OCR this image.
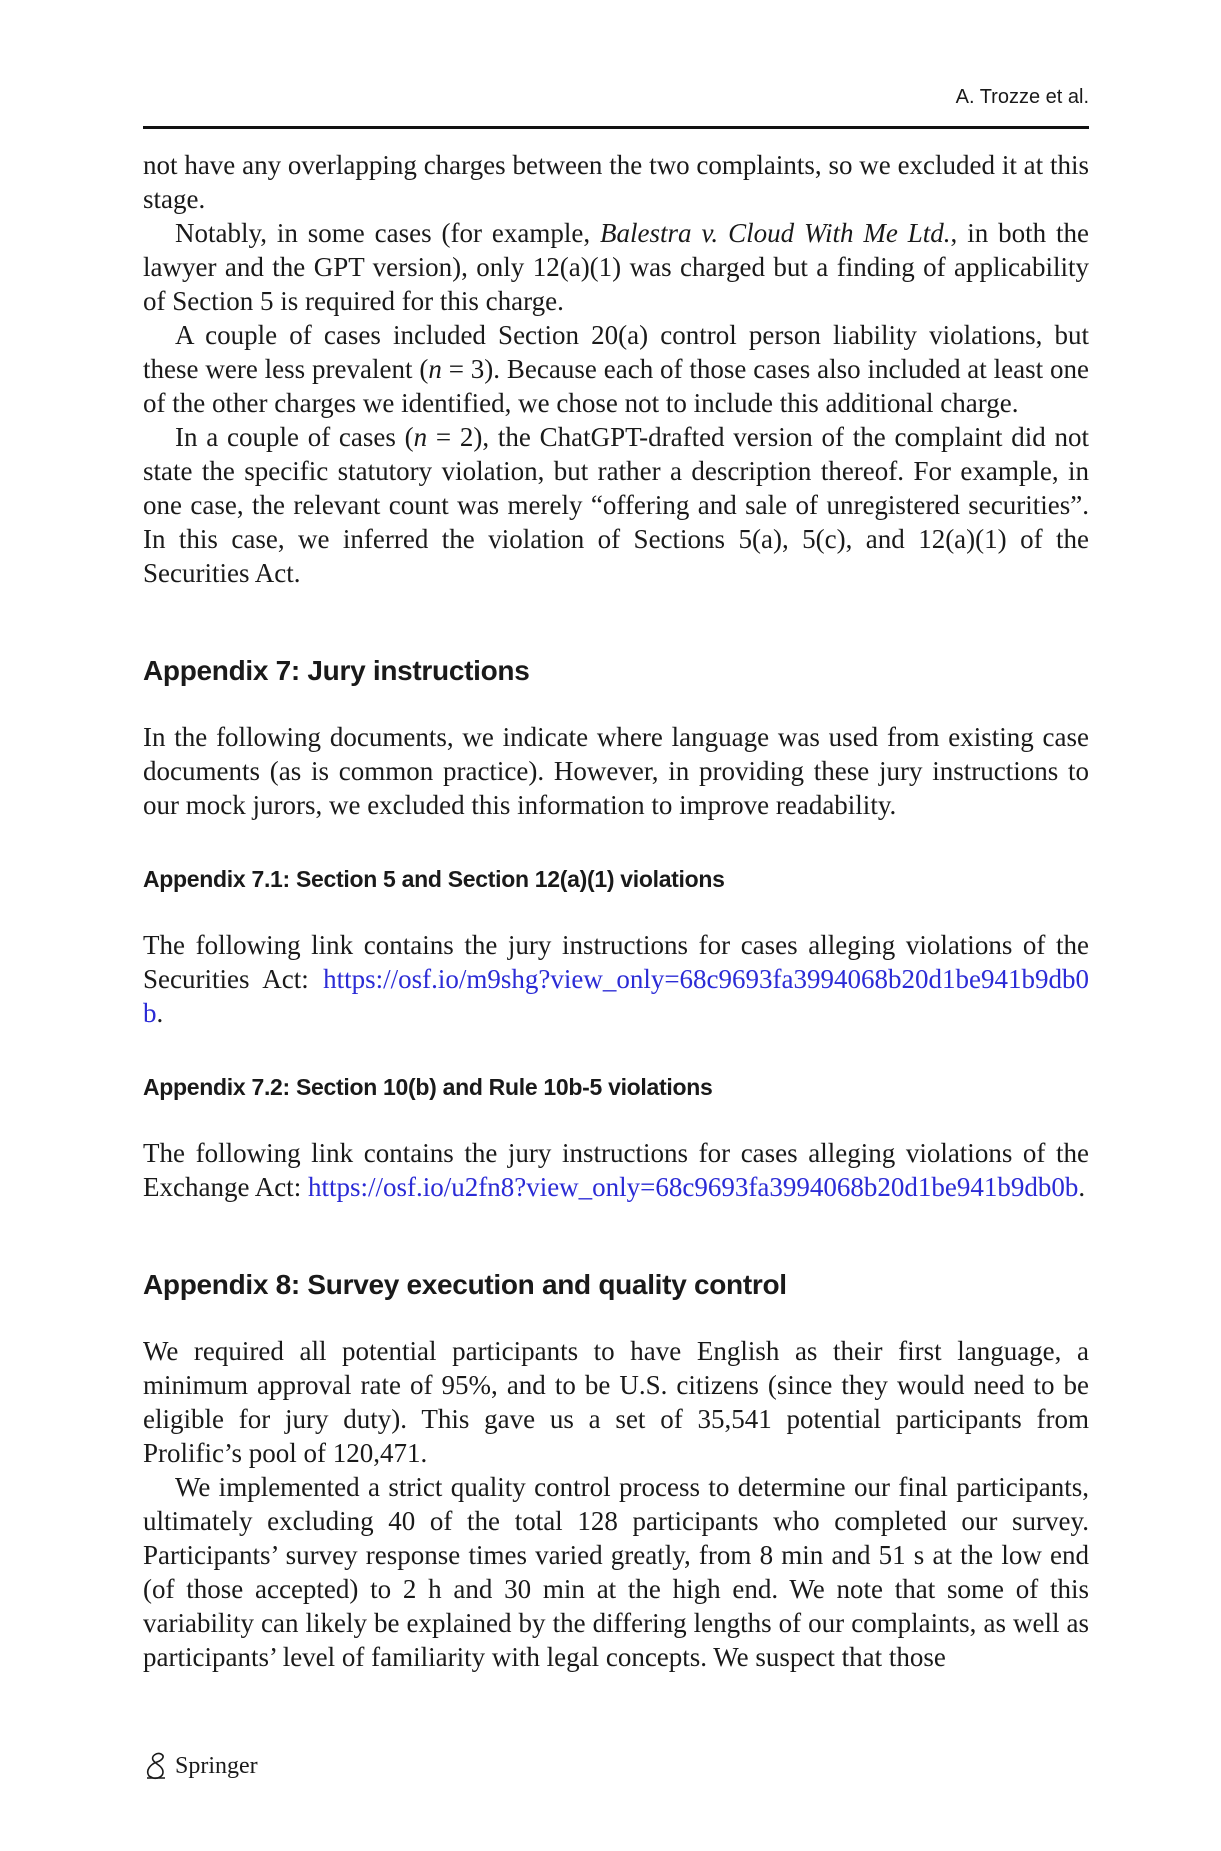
A. Trozze et al.

not have any overlapping charges between the two complaints, so we excluded it at this stage.

Notably, in some cases (for example, Balestra v. Cloud With Me Ltd., in both the lawyer and the GPT version), only 12(a)(1) was charged but a finding of applicability of Section 5 is required for this charge.

A couple of cases included Section 20(a) control person liability violations, but these were less prevalent (n = 3). Because each of those cases also included at least one of the other charges we identified, we chose not to include this additional charge.

In a couple of cases (n = 2), the ChatGPT-drafted version of the complaint did not state the specific statutory violation, but rather a description thereof. For example, in one case, the relevant count was merely “offering and sale of unregistered securities”. In this case, we inferred the violation of Sections 5(a), 5(c), and 12(a)(1) of the Securities Act.

Appendix 7: Jury instructions

In the following documents, we indicate where language was used from existing case documents (as is common practice). However, in providing these jury instructions to our mock jurors, we excluded this information to improve readability.

Appendix 7.1: Section 5 and Section 12(a)(1) violations

The following link contains the jury instructions for cases alleging violations of the Securities Act: https://osf.io/m9shg?view_only=68c9693fa3994068b20d1be941b9db0b.

Appendix 7.2: Section 10(b) and Rule 10b-5 violations

The following link contains the jury instructions for cases alleging violations of the Exchange Act: https://osf.io/u2fn8?view_only=68c9693fa3994068b20d1be941b9db0b.

Appendix 8: Survey execution and quality control

We required all potential participants to have English as their first language, a minimum approval rate of 95%, and to be U.S. citizens (since they would need to be eligible for jury duty). This gave us a set of 35,541 potential participants from Prolific’s pool of 120,471.

We implemented a strict quality control process to determine our final participants, ultimately excluding 40 of the total 128 participants who completed our survey. Participants’ survey response times varied greatly, from 8 min and 51 s at the low end (of those accepted) to 2 h and 30 min at the high end. We note that some of this variability can likely be explained by the differing lengths of our complaints, as well as participants’ level of familiarity with legal concepts. We suspect that those

Springer
